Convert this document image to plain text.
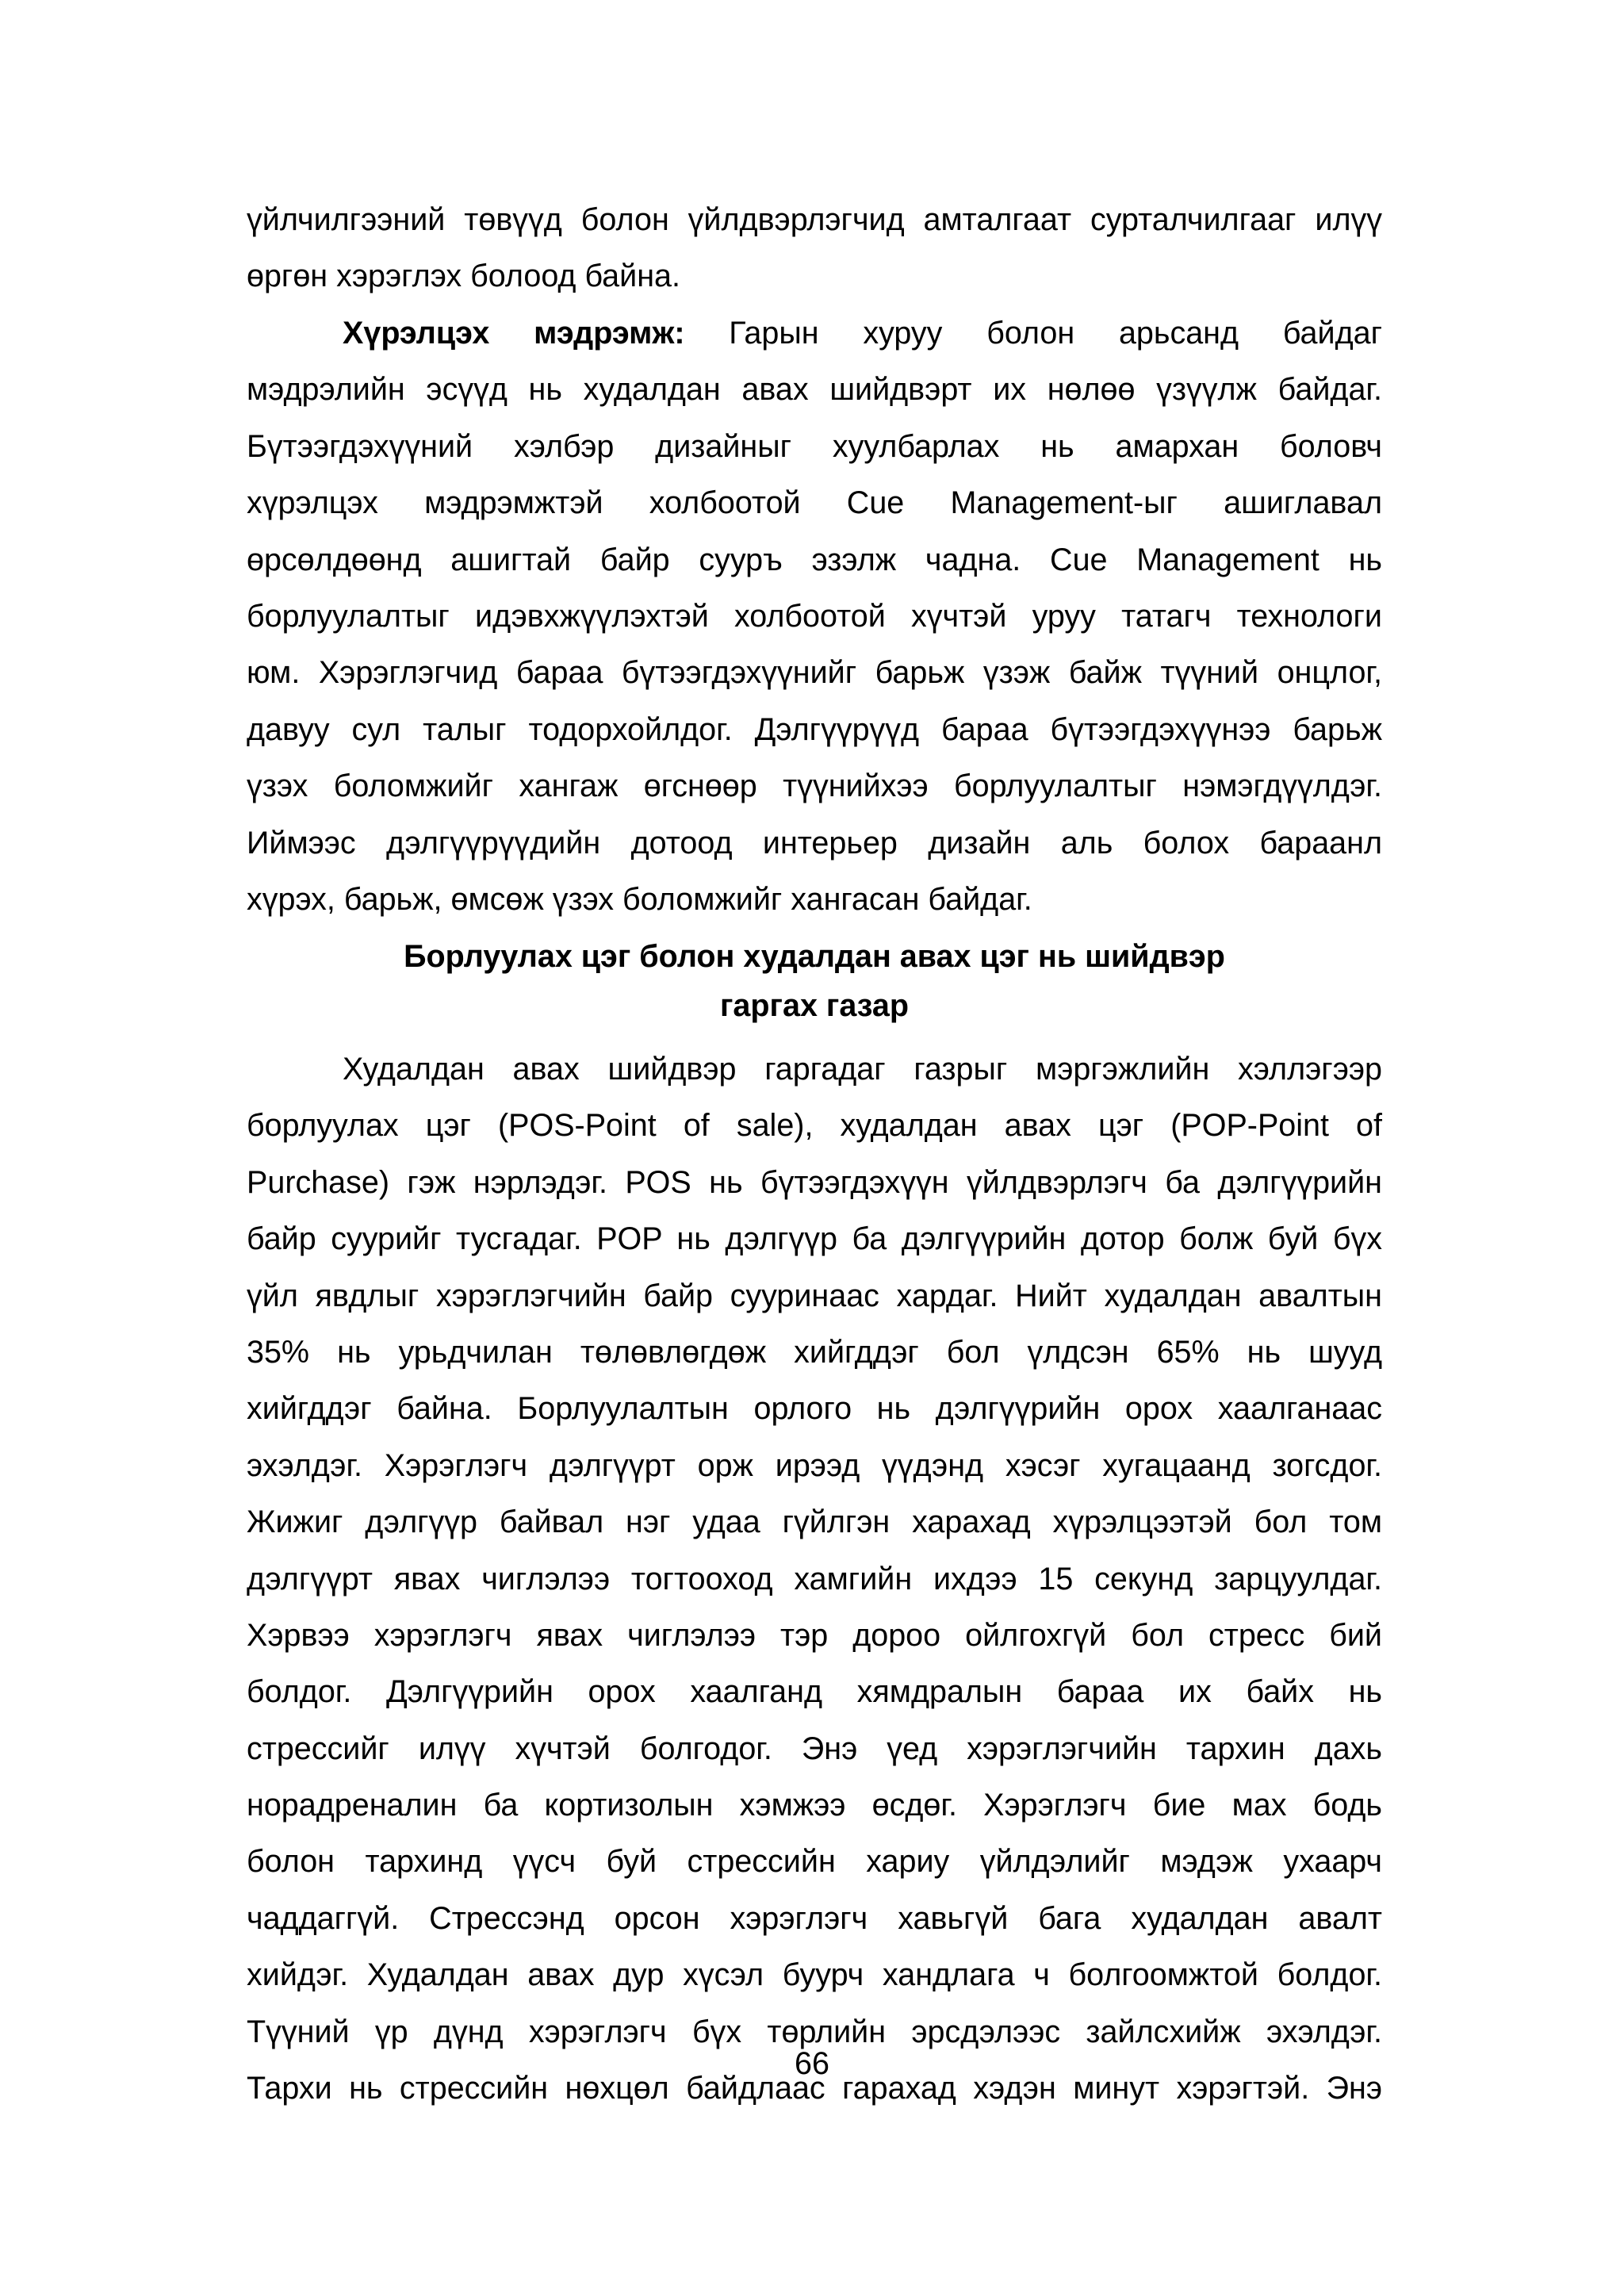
үйлчилгээний төвүүд болон үйлдвэрлэгчид амталгаат сурталчилгааг илүү
өргөн хэрэглэх болоод байна.
Хүрэлцэх мэдрэмж: Гарын хуруу болон арьсанд байдаг
мэдрэлийн эсүүд нь худалдан авах шийдвэрт их нөлөө үзүүлж байдаг.
Бүтээгдэхүүний хэлбэр дизайныг хуулбарлах нь амархан боловч
хүрэлцэх мэдрэмжтэй холбоотой Cue Management-ыг ашиглавал
өрсөлдөөнд ашигтай байр сууръ эзэлж чадна. Cue Management нь
борлуулалтыг идэвхжүүлэхтэй холбоотой хүчтэй уруу татагч технологи
юм. Хэрэглэгчид бараа бүтээгдэхүүнийг барьж үзэж байж түүний онцлог,
давуу сул талыг тодорхойлдог. Дэлгүүрүүд бараа бүтээгдэхүүнээ барьж
үзэх боломжийг хангаж өгснөөр түүнийхээ борлуулалтыг нэмэгдүүлдэг.
Иймээс дэлгүүрүүдийн дотоод интерьер дизайн аль болох бараанл
хүрэх, барьж, өмсөж үзэх боломжийг хангасан байдаг.
Борлуулах цэг болон худалдан авах цэг нь шийдвэр
гаргах газар
Худалдан авах шийдвэр гаргадаг газрыг мэргэжлийн хэллэгээр
борлуулах цэг (POS-Point of sale), худалдан авах цэг (POP-Point of
Purchase) гэж нэрлэдэг. POS нь бүтээгдэхүүн үйлдвэрлэгч ба дэлгүүрийн
байр суурийг тусгадаг. POP нь дэлгүүр ба дэлгүүрийн дотор болж буй бүх
үйл явдлыг хэрэглэгчийн байр сууринаас хардаг. Нийт худалдан авалтын
35% нь урьдчилан төлөвлөгдөж хийгддэг бол үлдсэн 65% нь шууд
хийгддэг байна. Борлуулалтын орлого нь дэлгүүрийн орох хаалганаас
эхэлдэг. Хэрэглэгч дэлгүүрт орж ирээд үүдэнд хэсэг хугацаанд зогсдог.
Жижиг дэлгүүр байвал нэг удаа гүйлгэн харахад хүрэлцээтэй бол том
дэлгүүрт явах чиглэлээ тогтооход хамгийн ихдээ 15 секунд зарцуулдаг.
Хэрвээ хэрэглэгч явах чиглэлээ тэр дороо ойлгохгүй бол стресс бий
болдог. Дэлгүүрийн орох хаалганд хямдралын бараа их байх нь
стрессийг илүү хүчтэй болгодог. Энэ үед хэрэглэгчийн тархин дахь
норадреналин ба кортизолын хэмжээ өсдөг. Хэрэглэгч бие мах бодь
болон тархинд үүсч буй стрессийн хариу үйлдэлийг мэдэж ухаарч
чаддаггүй. Стрессэнд орсон хэрэглэгч хавьгүй бага худалдан авалт
хийдэг. Худалдан авах дур хүсэл буурч хандлага ч болгоомжтой болдог.
Түүний үр дүнд хэрэглэгч бүх төрлийн эрсдэлээс зайлсхийж эхэлдэг.
Тархи нь стрессийн нөхцөл байдлаас гарахад хэдэн минут хэрэгтэй. Энэ
66
